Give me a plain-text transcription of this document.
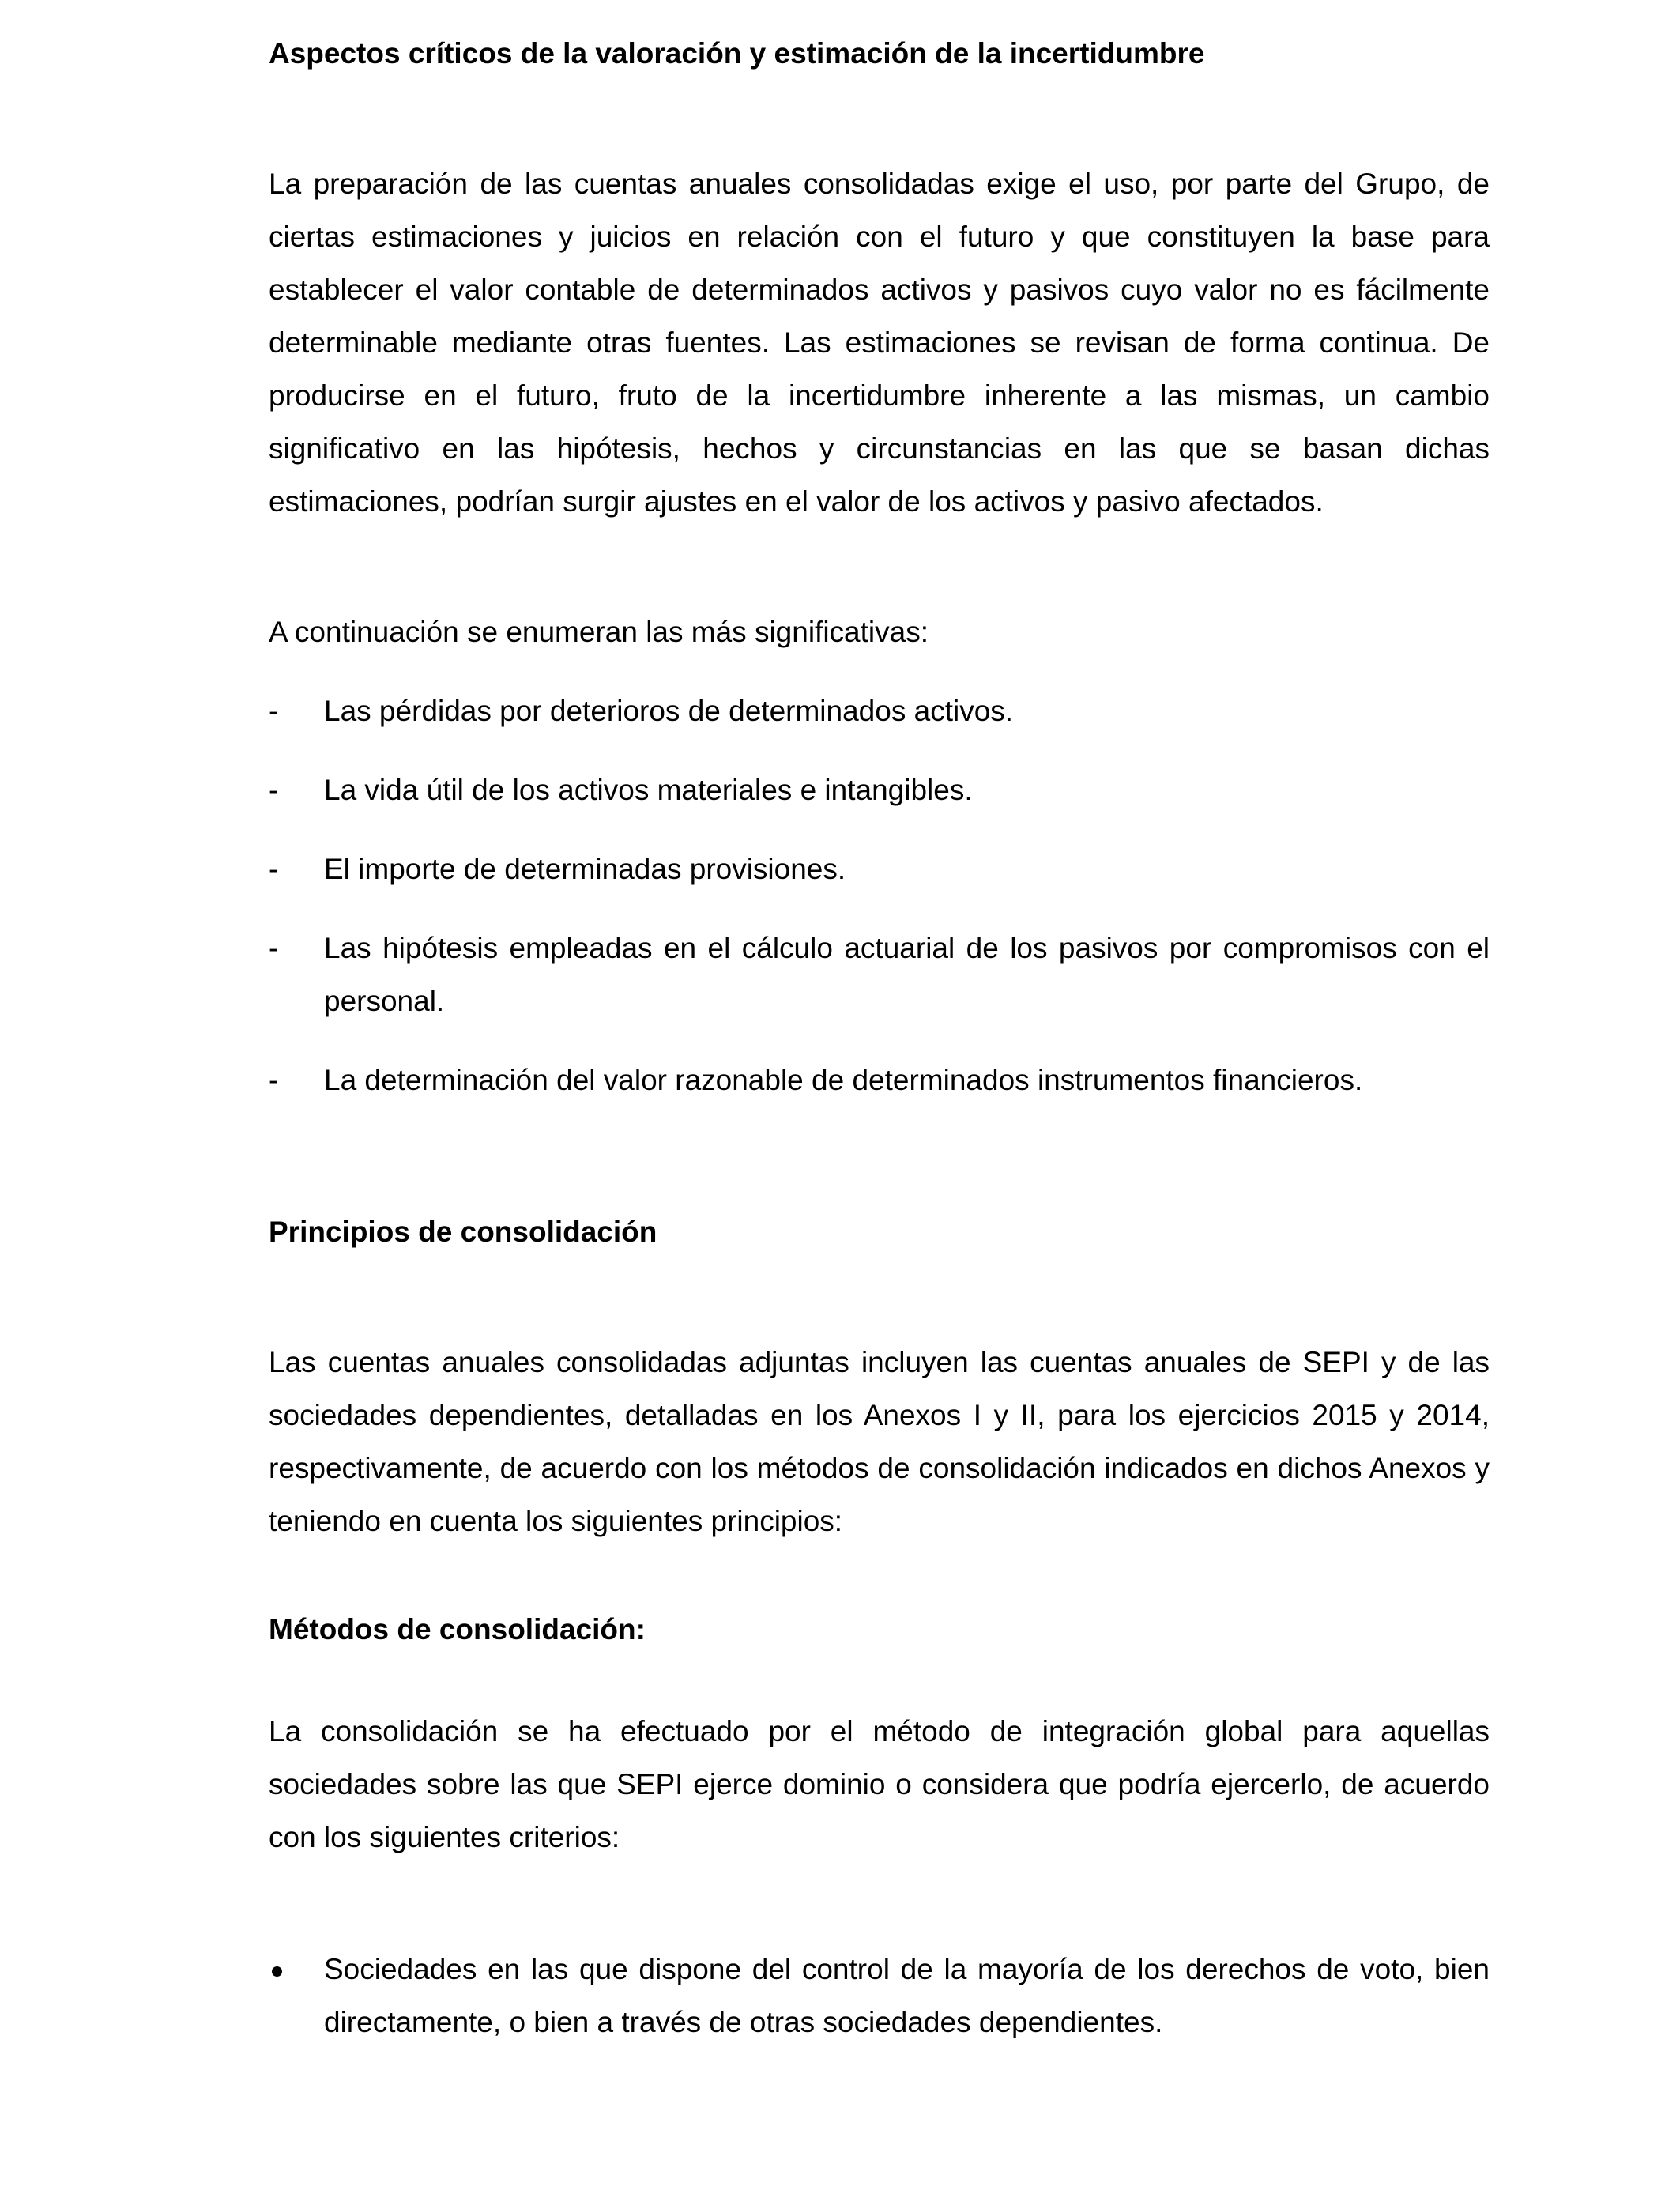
Aspectos críticos de la valoración y estimación de la incertidumbre

La preparación de las cuentas anuales consolidadas exige el uso, por parte del Grupo, de ciertas estimaciones y juicios en relación con el futuro y que constituyen la base para establecer el valor contable de determinados activos y pasivos cuyo valor no es fácilmente determinable mediante otras fuentes. Las estimaciones se revisan de forma continua. De producirse en el futuro, fruto de la incertidumbre inherente a las mismas, un cambio significativo en las hipótesis, hechos y circunstancias en las que se basan dichas estimaciones, podrían surgir ajustes en el valor de los activos y pasivo afectados.

A continuación se enumeran las más significativas:

- Las pérdidas por deterioros de determinados activos.
- La vida útil de los activos materiales e intangibles.
- El importe de determinadas provisiones.
- Las hipótesis empleadas en el cálculo actuarial de los pasivos por compromisos con el personal.
- La determinación del valor razonable de determinados instrumentos financieros.
Principios de consolidación

Las cuentas anuales consolidadas adjuntas incluyen las cuentas anuales de SEPI y de las sociedades dependientes, detalladas en los Anexos I y II, para los ejercicios 2015 y 2014, respectivamente, de acuerdo con los métodos de consolidación indicados en dichos Anexos y teniendo en cuenta los siguientes principios:

Métodos de consolidación:

La consolidación se ha efectuado por el método de integración global para aquellas sociedades sobre las que SEPI ejerce dominio o considera que podría ejercerlo, de acuerdo con los siguientes criterios:

Sociedades en las que dispone del control de la mayoría de los derechos de voto, bien directamente, o bien a través de otras sociedades dependientes.
